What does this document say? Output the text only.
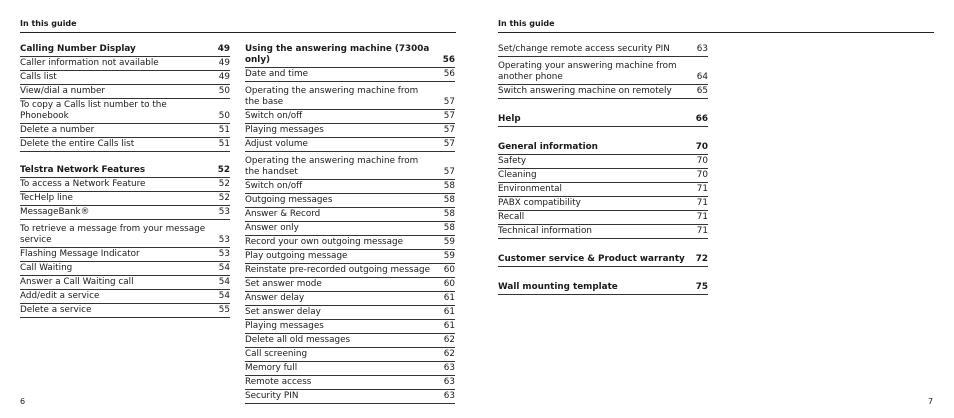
In this guide	In this guide
Calling Number Display	49
Caller information not available	49
Calls list	49
View/dial a number	50
To copy a Calls list number to the Phonebook	50
Delete a number	51
Delete the entire Calls list	51
Telstra Network Features	52
To access a Network Feature	52
TecHelp line	52
MessageBank®	53
To retrieve a message from your message service	53
Flashing Message Indicator	53
Call Waiting	54
Answer a Call Waiting call	54
Add/edit a service	54
Delete a service	55
Using the answering machine (7300a only)	56
Date and time	56
Operating the answering machine from the base	57
Switch on/off	57
Playing messages	57
Adjust volume	57
Operating the answering machine from the handset	57
Switch on/off	58
Outgoing messages	58
Answer & Record	58
Answer only	58
Record your own outgoing message	59
Play outgoing message	59
Reinstate pre-recorded outgoing message	60
Set answer mode	60
Answer delay	61
Set answer delay	61
Playing messages	61
Delete all old messages	62
Call screening	62
Memory full	63
Remote access	63
Security PIN	63
Set/change remote access security PIN	63
Operating your answering machine from another phone	64
Switch answering machine on remotely	65
Help	66
General information	70
Safety	70
Cleaning	70
Environmental	71
PABX compatibility	71
Recall	71
Technical information	71
Customer service & Product warranty	72
Wall mounting template	75
6	7
